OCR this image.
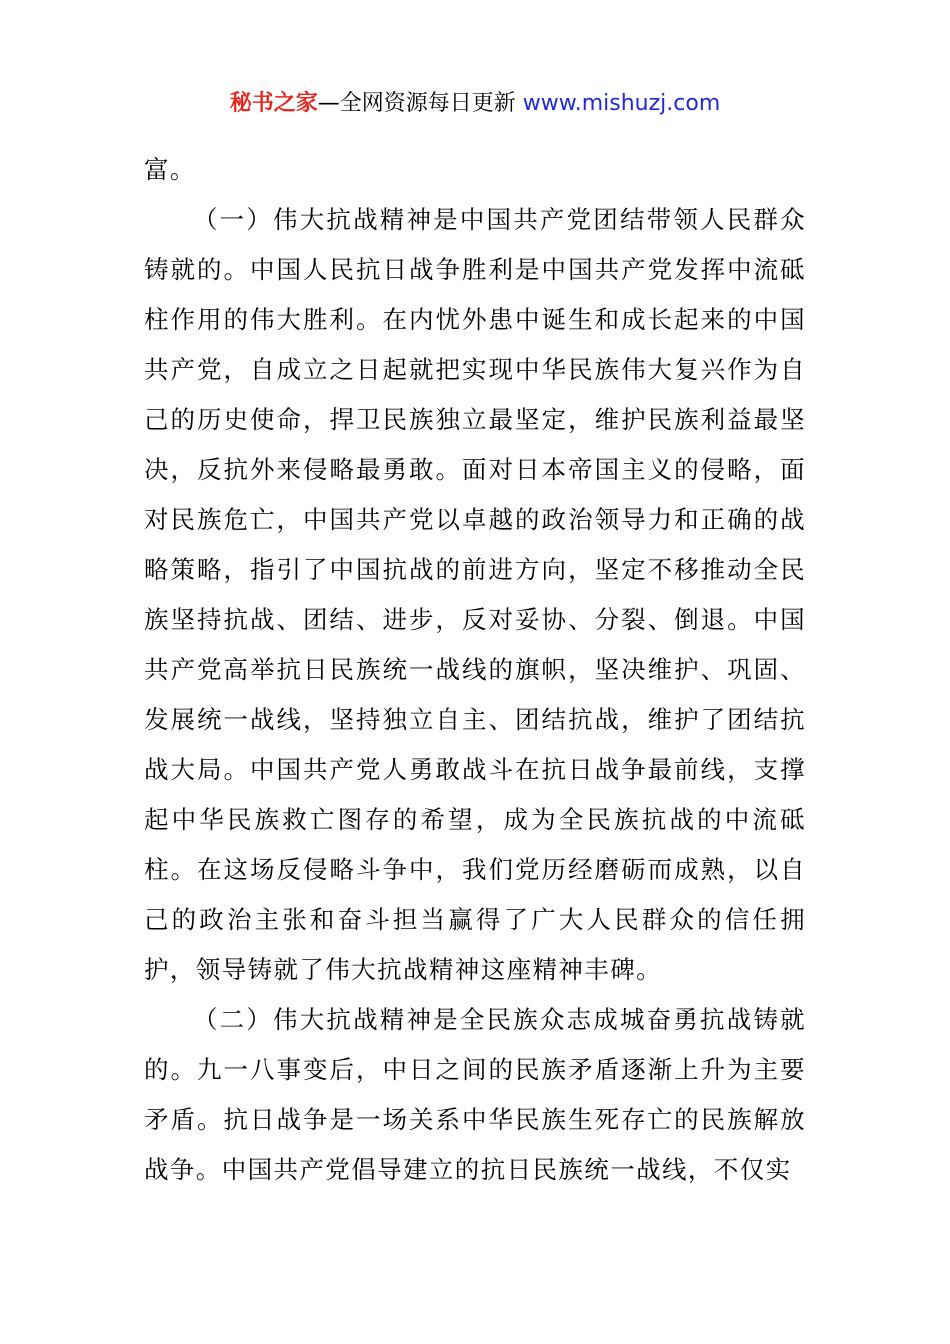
秘书之家—全网资源每日更新 www.mishuzj.com

富。

（一）伟大抗战精神是中国共产党团结带领人民群众铸就的。中国人民抗日战争胜利是中国共产党发挥中流砥柱作用的伟大胜利。在内忧外患中诞生和成长起来的中国共产党，自成立之日起就把实现中华民族伟大复兴作为自己的历史使命，捍卫民族独立最坚定，维护民族利益最坚决，反抗外来侵略最勇敢。面对日本帝国主义的侵略，面对民族危亡，中国共产党以卓越的政治领导力和正确的战略策略，指引了中国抗战的前进方向，坚定不移推动全民族坚持抗战、团结、进步，反对妥协、分裂、倒退。中国共产党高举抗日民族统一战线的旗帜，坚决维护、巩固、发展统一战线，坚持独立自主、团结抗战，维护了团结抗战大局。中国共产党人勇敢战斗在抗日战争最前线，支撑起中华民族救亡图存的希望，成为全民族抗战的中流砥柱。在这场反侵略斗争中，我们党历经磨砺而成熟，以自己的政治主张和奋斗担当赢得了广大人民群众的信任拥护，领导铸就了伟大抗战精神这座精神丰碑。

（二）伟大抗战精神是全民族众志成城奋勇抗战铸就的。九一八事变后，中日之间的民族矛盾逐渐上升为主要矛盾。抗日战争是一场关系中华民族生死存亡的民族解放战争。中国共产党倡导建立的抗日民族统一战线，不仅实
